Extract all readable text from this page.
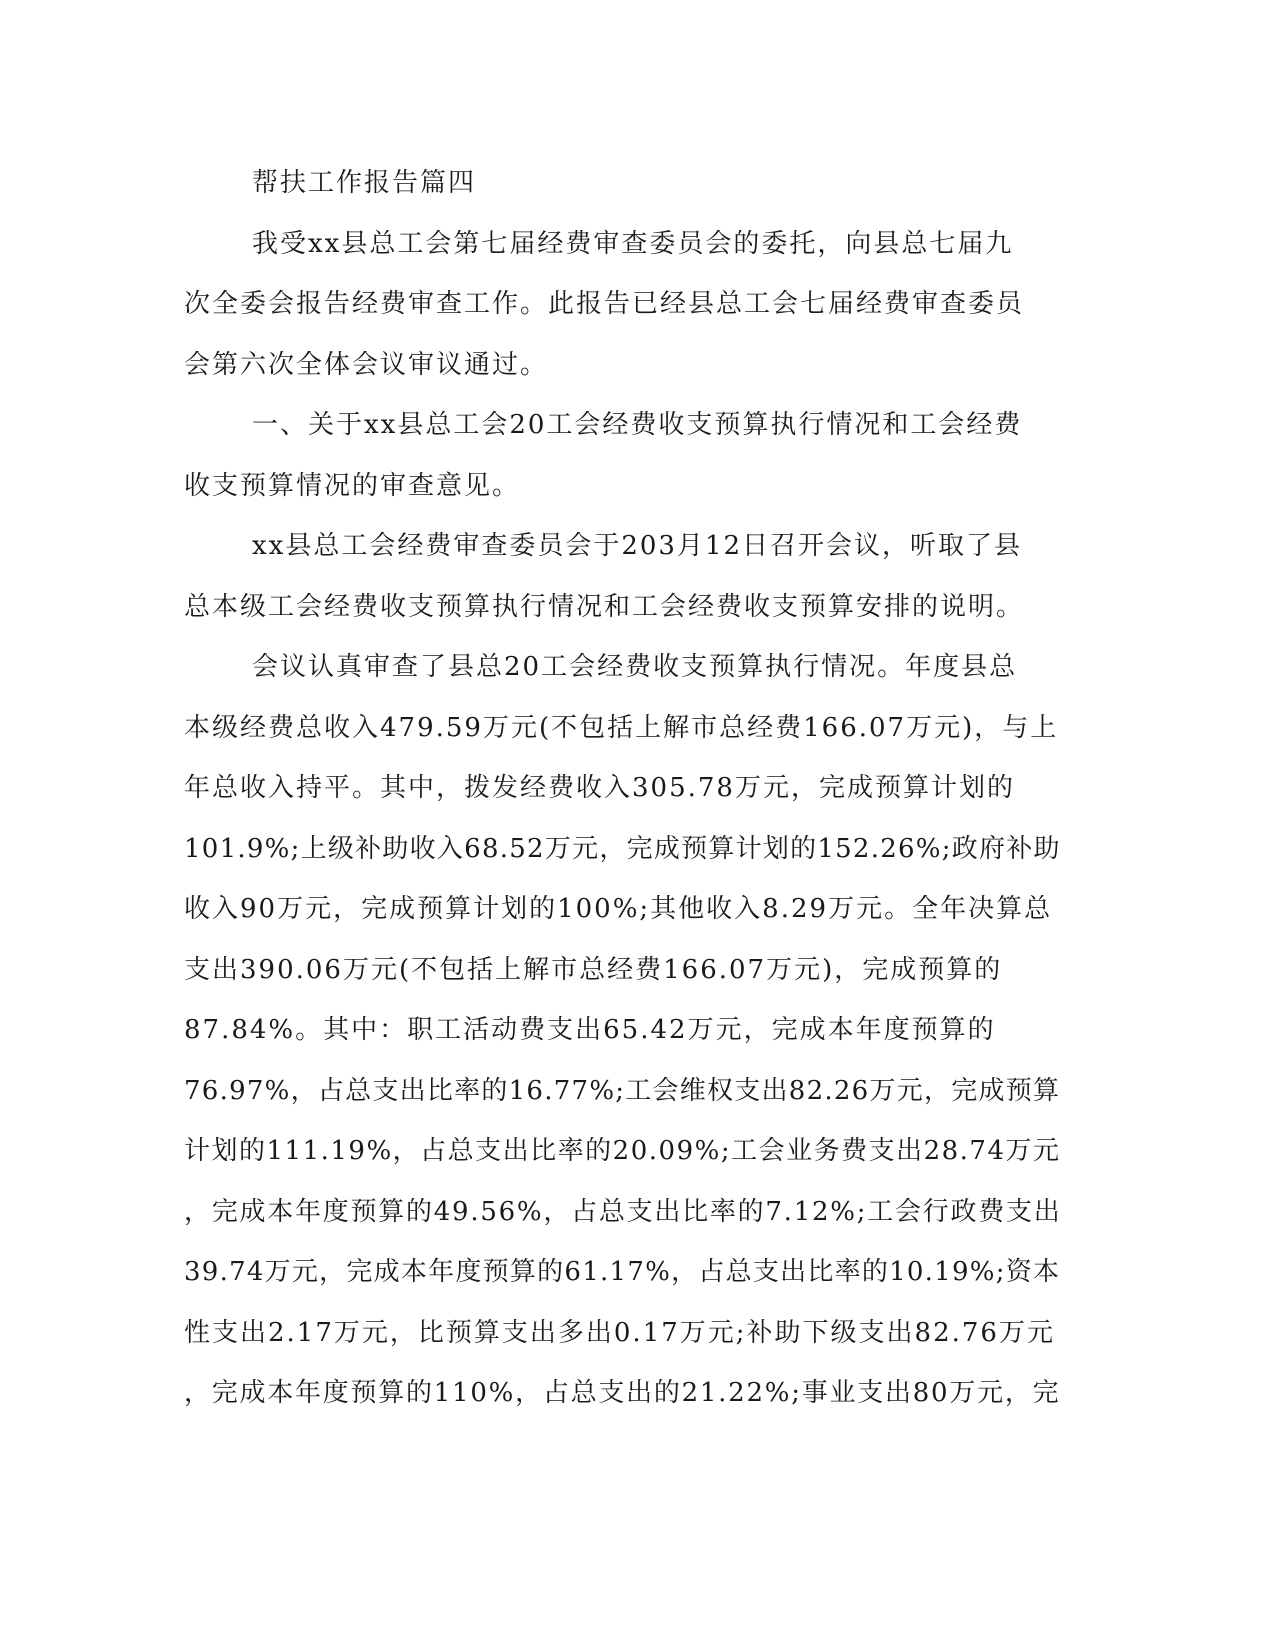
帮扶工作报告篇四
我受xx县总工会第七届经费审查委员会的委托，向县总七届九
次全委会报告经费审查工作。此报告已经县总工会七届经费审查委员
会第六次全体会议审议通过。
一、关于xx县总工会20工会经费收支预算执行情况和工会经费
收支预算情况的审查意见。
xx县总工会经费审查委员会于203月12日召开会议，听取了县
总本级工会经费收支预算执行情况和工会经费收支预算安排的说明。
会议认真审查了县总20工会经费收支预算执行情况。年度县总
本级经费总收入479.59万元(不包括上解市总经费166.07万元)，与上
年总收入持平。其中，拨发经费收入305.78万元，完成预算计划的
101.9%;上级补助收入68.52万元，完成预算计划的152.26%;政府补助
收入90万元，完成预算计划的100%;其他收入8.29万元。全年决算总
支出390.06万元(不包括上解市总经费166.07万元)，完成预算的
87.84%。其中：职工活动费支出65.42万元，完成本年度预算的
76.97%，占总支出比率的16.77%;工会维权支出82.26万元，完成预算
计划的111.19%，占总支出比率的20.09%;工会业务费支出28.74万元
，完成本年度预算的49.56%，占总支出比率的7.12%;工会行政费支出
39.74万元，完成本年度预算的61.17%，占总支出比率的10.19%;资本
性支出2.17万元，比预算支出多出0.17万元;补助下级支出82.76万元
，完成本年度预算的110%，占总支出的21.22%;事业支出80万元，完
